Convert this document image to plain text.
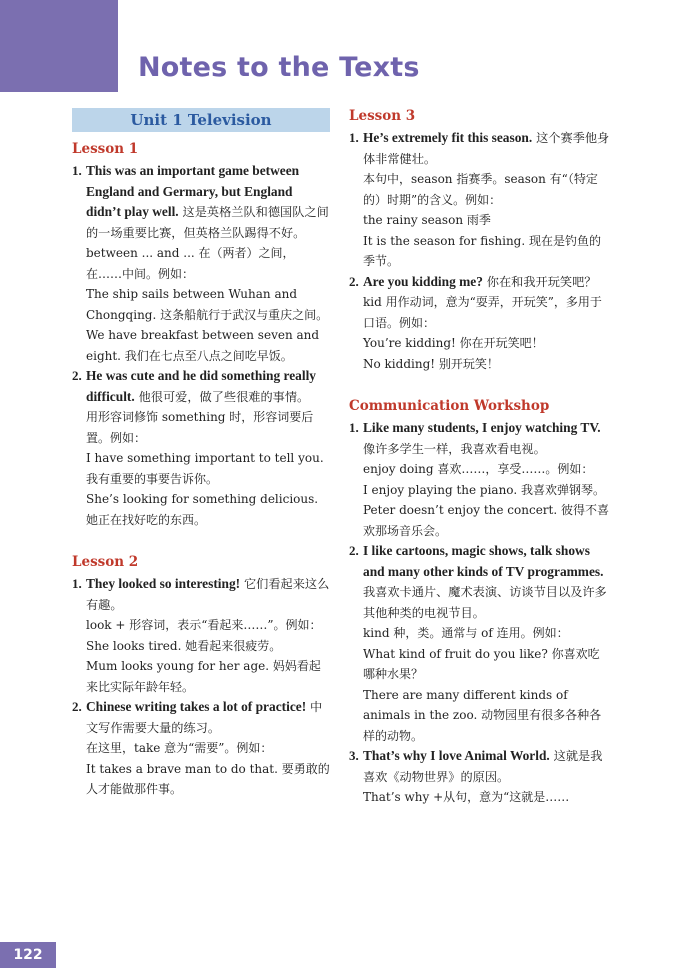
Notes to the Texts
Unit 1 Television
Lesson 1
1. This was an important game between England and Germary, but England didn’t play well. 这是英格兰队和德国队之间的一场重要比赛，但英格兰队踢得不好。
between ... and ... 在（两者）之间，在……中间。例如：
The ship sails between Wuhan and Chongqing. 这条船航行于武汉与重庆之间。
We have breakfast between seven and eight. 我们在七点至八点之间吃早饭。
2. He was cute and he did something really difficult. 他很可爱，做了些很难的事情。
用形容词修饰 something 时，形容词要后置。例如：
I have something important to tell you. 我有重要的事要告诉你。
She’s looking for something delicious. 她正在找好吃的东西。
Lesson 2
1. They looked so interesting! 它们看起来这么有趣。
look + 形容词，表示“看起来……”。例如：
She looks tired. 她看起来很疲劳。
Mum looks young for her age. 妈妈看起来比实际年龄年轻。
2. Chinese writing takes a lot of practice! 中文写作需要大量的练习。
在这里，take 意为“需要”。例如：
It takes a brave man to do that. 要勇敢的人才能做那件事。
Lesson 3
1. He’s extremely fit this season. 这个赛季他身体非常健壮。
本句中，season 指赛季。season 有“（特定的）时期”的含义。例如：
the rainy season 雨季
It is the season for fishing. 现在是钓鱼的季节。
2. Are you kidding me? 你在和我开玩笑吧？
kid 用作动词，意为“耍弄，开玩笑”，多用于口语。例如：
You’re kidding! 你在开玩笑吧！
No kidding! 别开玩笑！
Communication Workshop
1. Like many students, I enjoy watching TV. 像许多学生一样，我喜欢看电视。
enjoy doing 喜欢……，享受……。例如：
I enjoy playing the piano. 我喜欢弹钢琴。
Peter doesn’t enjoy the concert. 彼得不喜欢那场音乐会。
2. I like cartoons, magic shows, talk shows and many other kinds of TV programmes. 我喜欢卡通片、魔术表演、访谈节目以及许多其他种类的电视节目。
kind 种，类。通常与 of 连用。例如：
What kind of fruit do you like? 你喜欢吃哪种水果？
There are many different kinds of animals in the zoo. 动物园里有很多各种各样的动物。
3. That’s why I love Animal World. 这就是我喜欢《动物世界》的原因。
That’s why +从句，意为“这就是……
122
